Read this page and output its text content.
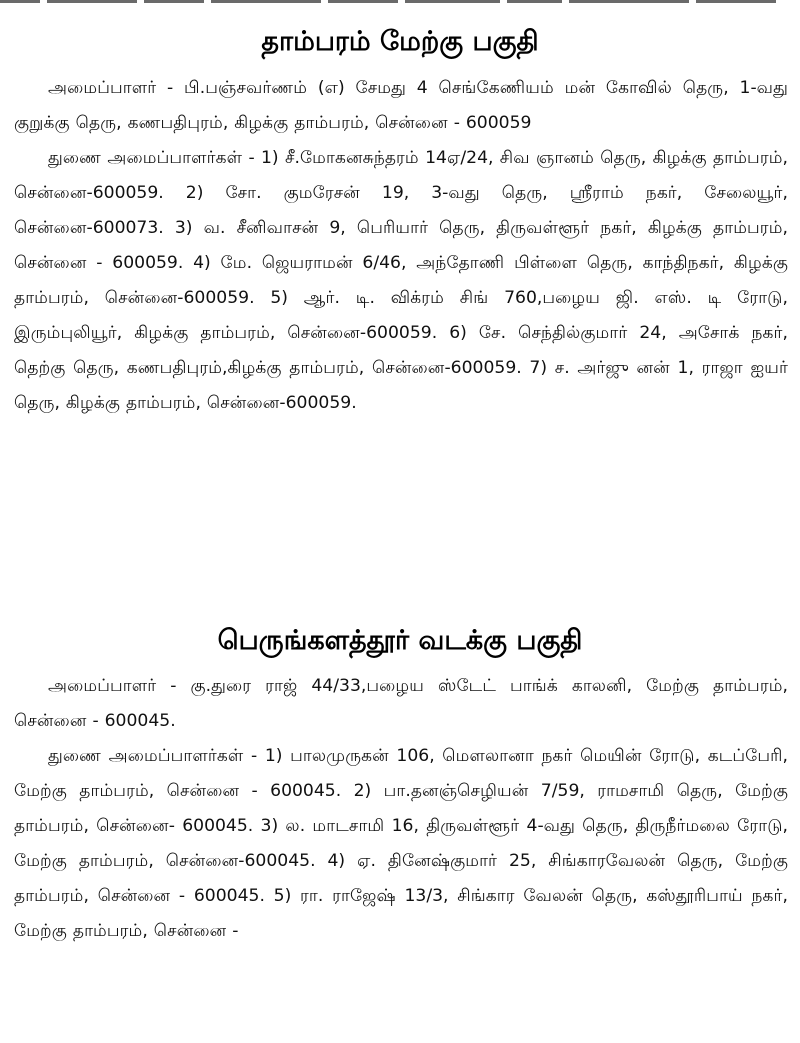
தாம்பரம் மேற்கு பகுதி

அமைப்பாளர் - பி.பஞ்சவர்ணம் (எ) சேமது 4 செங்கேணியம் மன் கோவில் தெரு, 1-வது குறுக்கு தெரு, கணபதிபுரம், கிழக்கு தாம்பரம், சென்னை - 600059

துணை அமைப்பாளர்கள் - 1) சீ.மோகனசுந்தரம் 14ஏ/24, சிவ ஞானம் தெரு, கிழக்கு தாம்பரம், சென்னை-600059. 2) சோ. குமரேசன் 19, 3-வது தெரு, ஸ்ரீராம் நகர், சேலையூர், சென்னை-600073. 3) வ. சீனிவாசன் 9, பெரியார் தெரு, திருவள்ளூர் நகர், கிழக்கு தாம்பரம், சென்னை - 600059. 4) மே. ஜெயராமன் 6/46, அந்தோணி பிள்ளை தெரு, காந்திநகர், கிழக்கு தாம்பரம், சென்னை-600059. 5) ஆர். டி. விக்ரம் சிங் 760,பழைய ஜி. எஸ். டி ரோடு, இரும்புலியூர், கிழக்கு தாம்பரம், சென்னை-600059. 6) சே. செந்தில்குமார் 24, அசோக் நகர், தெற்கு தெரு, கணபதிபுரம்,கிழக்கு தாம்பரம், சென்னை-600059. 7) ச. அர்ஜு னன் 1, ராஜா ஐயர் தெரு, கிழக்கு தாம்பரம், சென்னை-600059.

பெருங்களத்தூர் வடக்கு பகுதி

அமைப்பாளர் - கு.துரை ராஜ் 44/33,பழைய ஸ்டேட் பாங்க் காலனி, மேற்கு தாம்பரம், சென்னை - 600045.

துணை அமைப்பாளர்கள் - 1) பாலமுருகன் 106, மௌலானா நகர் மெயின் ரோடு, கடப்பேரி, மேற்கு தாம்பரம், சென்னை - 600045. 2) பா.தனஞ்செழியன் 7/59, ராமசாமி தெரு, மேற்கு தாம்பரம், சென்னை- 600045. 3) ல. மாடசாமி 16, திருவள்ளூர் 4-வது தெரு, திருநீர்மலை ரோடு, மேற்கு தாம்பரம், சென்னை-600045. 4) ஏ. தினேஷ்குமார் 25, சிங்காரவேலன் தெரு, மேற்கு தாம்பரம், சென்னை - 600045. 5) ரா. ராஜேஷ் 13/3, சிங்கார வேலன் தெரு, கஸ்தூரிபாய் நகர், மேற்கு தாம்பரம், சென்னை -
